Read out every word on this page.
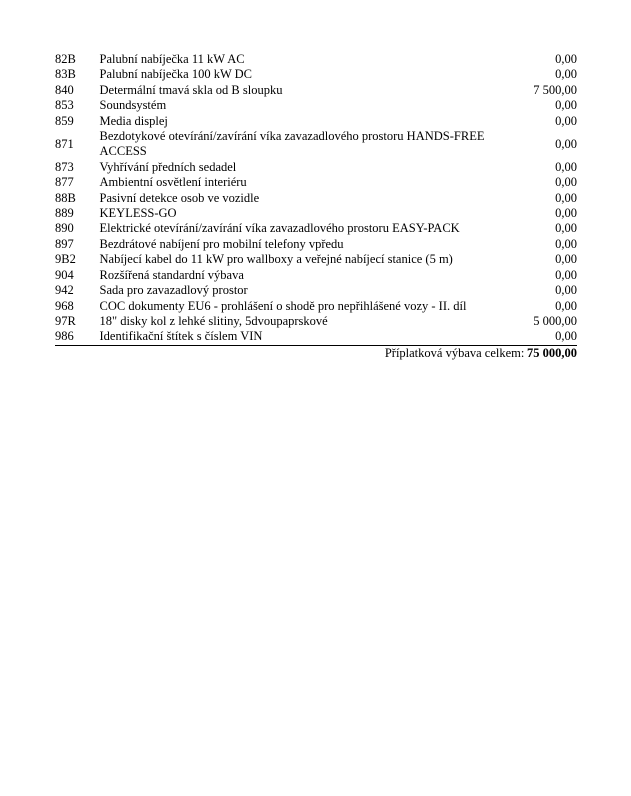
82B	Palubní nabíječka 11 kW AC	0,00
83B	Palubní nabíječka 100 kW DC	0,00
840	Determální tmavá skla od B sloupku	7 500,00
853	Soundsystém	0,00
859	Media displej	0,00
871	Bezdotykové otevírání/zavírání víka zavazadlového prostoru HANDS-FREE ACCESS	0,00
873	Vyhřívání předních sedadel	0,00
877	Ambientní osvětlení interiéru	0,00
88B	Pasivní detekce osob ve vozidle	0,00
889	KEYLESS-GO	0,00
890	Elektrické otevírání/zavírání víka zavazadlového prostoru EASY-PACK	0,00
897	Bezdrátové nabíjení pro mobilní telefony vpředu	0,00
9B2	Nabíjecí kabel do 11 kW pro wallboxy a veřejné nabíjecí stanice (5 m)	0,00
904	Rozšířená standardní výbava	0,00
942	Sada pro zavazadlový prostor	0,00
968	COC dokumenty EU6 - prohlášení o shodě pro nepřihlášené vozy - II. díl	0,00
97R	18" disky kol z lehké slitiny, 5dvoupaprskové	5 000,00
986	Identifikační štítek s číslem VIN	0,00
Příplatková výbava celkem:		75 000,00
